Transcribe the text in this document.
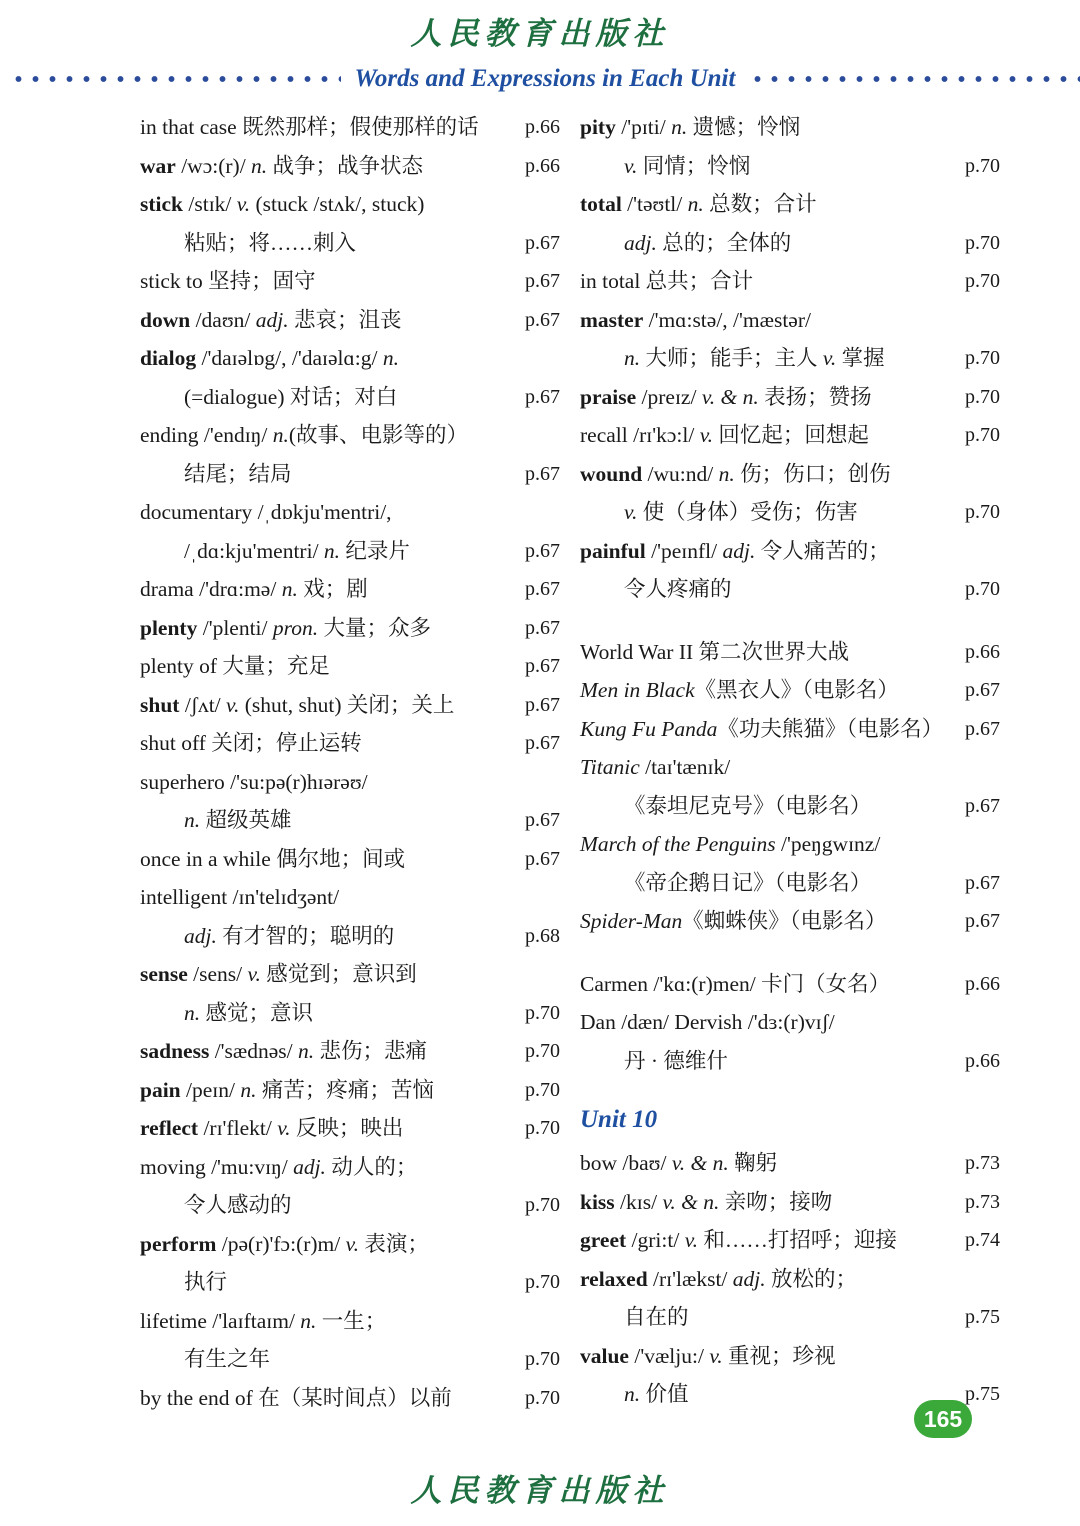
人民教育出版社
Words and Expressions in Each Unit
in that case 既然那样；假使那样的话 p.66
war /wɔ:(r)/ n. 战争；战争状态	p.66
stick /stɪk/ v. (stuck /stʌk/, stuck)
粘贴；将……刺入	p.67
stick to 坚持；固守	p.67
down /daʊn/ adj. 悲哀；沮丧	p.67
dialog /'daɪəlɒg/, /'daɪəlɑ:g/ n.
(=dialogue) 对话；对白	p.67
ending /'endɪŋ/ n.(故事、电影等的）
结尾；结局	p.67
documentary /ˌdɒkju'mentri/,
/ˌdɑ:kju'mentri/ n. 纪录片	p.67
drama /'drɑ:mə/ n. 戏；剧	p.67
plenty /'plenti/ pron. 大量；众多	p.67
plenty of 大量；充足	p.67
shut /ʃʌt/ v. (shut, shut) 关闭；关上	p.67
shut off 关闭；停止运转	p.67
superhero /'su:pə(r)hɪərəʊ/
n. 超级英雄	p.67
once in a while 偶尔地；间或	p.67
intelligent /ɪn'telɪdʒənt/
adj. 有才智的；聪明的	p.68
sense /sens/ v. 感觉到；意识到
n. 感觉；意识	p.70
sadness /'sædnəs/ n. 悲伤；悲痛	p.70
pain /peɪn/ n. 痛苦；疼痛；苦恼	p.70
reflect /rɪ'flekt/ v. 反映；映出	p.70
moving /'mu:vɪŋ/ adj. 动人的；
令人感动的	p.70
perform /pə(r)'fɔ:(r)m/ v. 表演；
执行	p.70
lifetime /'laɪftaɪm/ n. 一生；
有生之年	p.70
by the end of 在（某时间点）以前	p.70
pity /'pɪti/ n. 遗憾；怜悯
v. 同情；怜悯	p.70
total /'təʊtl/ n. 总数；合计
adj. 总的；全体的	p.70
in total 总共；合计	p.70
master /'mɑ:stə/, /'mæstər/
n. 大师；能手；主人 v. 掌握	p.70
praise /preɪz/ v. & n. 表扬；赞扬	p.70
recall /rɪ'kɔ:l/ v. 回忆起；回想起	p.70
wound /wu:nd/ n. 伤；伤口；创伤
v. 使（身体）受伤；伤害	p.70
painful /'peɪnfl/ adj. 令人痛苦的；
令人疼痛的	p.70
World War II 第二次世界大战	p.66
Men in Black《黑衣人》（电影名）	p.67
Kung Fu Panda《功夫熊猫》（电影名） p.67
Titanic /taɪ'tænɪk/
《泰坦尼克号》（电影名）	p.67
March of the Penguins /'peŋgwɪnz/
《帝企鹅日记》（电影名）	p.67
Spider-Man《蜘蛛侠》（电影名）	p.67
Carmen /'kɑ:(r)men/ 卡门（女名）	p.66
Dan /dæn/ Dervish /'dɜ:(r)vɪʃ/
丹 · 德维什	p.66
Unit 10
bow /baʊ/ v. & n. 鞠躬	p.73
kiss /kɪs/ v. & n. 亲吻；接吻	p.73
greet /gri:t/ v. 和……打招呼；迎接	p.74
relaxed /rɪ'lækst/ adj. 放松的；
自在的	p.75
value /'vælju:/ v. 重视；珍视
n. 价值	p.75
165
人民教育出版社
